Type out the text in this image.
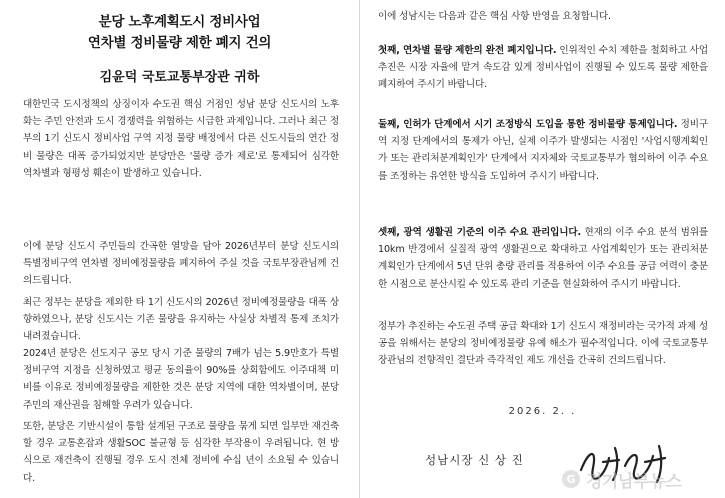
분당 노후계획도시 정비사업
연차별 정비물량 제한 폐지 건의
김윤덕 국토교통부장관 귀하

대한민국 도시정책의 상징이자 수도권 핵심 거점인 성남 분당 신도시의 노후화는 주민 안전과 도시 경쟁력을 위협하는 시급한 과제입니다. 그러나 최근 정부의 1기 신도시 정비사업 구역 지정 물량 배정에서 다른 신도시들의 연간 정비 물량은 대폭 증가되었지만 분당만은 '물량 증가 제로'로 통제되어 심각한 역차별과 형평성 훼손이 발생하고 있습니다.

이에 분당 신도시 주민들의 간곡한 열망을 담아 2026년부터 분당 신도시의 특별정비구역 연차별 정비예정물량을 폐지하여 주실 것을 국토부장관님께 건의드립니다.

최근 정부는 분당을 제외한 타 1기 신도시의 2026년 정비예정물량을 대폭 상향하였으나, 분당 신도시는 기존 물량을 유지하는 사실상 차별적 통제 조치가 내려졌습니다.

2024년 분당은 선도지구 공모 당시 기준 물량의 7배가 넘는 5.9만호가 특별정비구역 지정을 신청하였고 평균 동의율이 90%를 상회함에도 이주대책 미비를 이유로 정비예정물량을 제한한 것은 분당 지역에 대한 역차별이며, 분당 주민의 재산권을 침해할 우려가 있습니다.

또한, 분당은 기반시설이 통합 설계된 구조로 물량을 묶게 되면 일부만 재건축할 경우 교통혼잡과 생활SOC 불균형 등 심각한 부작용이 우려됩니다. 현 방식으로 재건축이 진행될 경우 도시 전체 정비에 수십 년이 소요될 수 있습니다.

이에 성남시는 다음과 같은 핵심 사항 반영을 요청합니다.

첫째, 연차별 물량 제한의 완전 폐지입니다. 인위적인 수치 제한을 철회하고 사업 추진은 시장 자율에 맡겨 속도감 있게 정비사업이 진행될 수 있도록 물량 제한을 폐지하여 주시기 바랍니다.

둘째, 인허가 단계에서 시기 조정방식 도입을 통한 정비물량 통제입니다. 정비구역 지정 단계에서의 통제가 아닌, 실제 이주가 발생되는 시점인 '사업시행계획인가 또는 관리처분계획인가' 단계에서 지자체와 국토교통부가 협의하여 이주 수요를 조정하는 유연한 방식을 도입하여 주시기 바랍니다.

셋째, 광역 생활권 기준의 이주 수요 관리입니다. 현재의 이주 수요 분석 범위를 10km 반경에서 실질적 광역 생활권으로 확대하고 사업계획인가 또는 관리처분계획인가 단계에서 5년 단위 총량 관리를 적용하여 이주 수요를 공급 여력이 충분한 시점으로 분산시킬 수 있도록 관리 기준을 현실화하여 주시기 바랍니다.

정부가 추진하는 수도권 주택 공급 확대와 1기 신도시 재정비라는 국가적 과제 성공을 위해서는 분당의 정비예정물량 유예 해소가 필수적입니다. 이에 국토교통부 장관님의 전향적인 결단과 즉각적인 제도 개선을 간곡히 건의드립니다.

2026. 2. .
성남시장 신 상 진
G 경기남부뉴스
